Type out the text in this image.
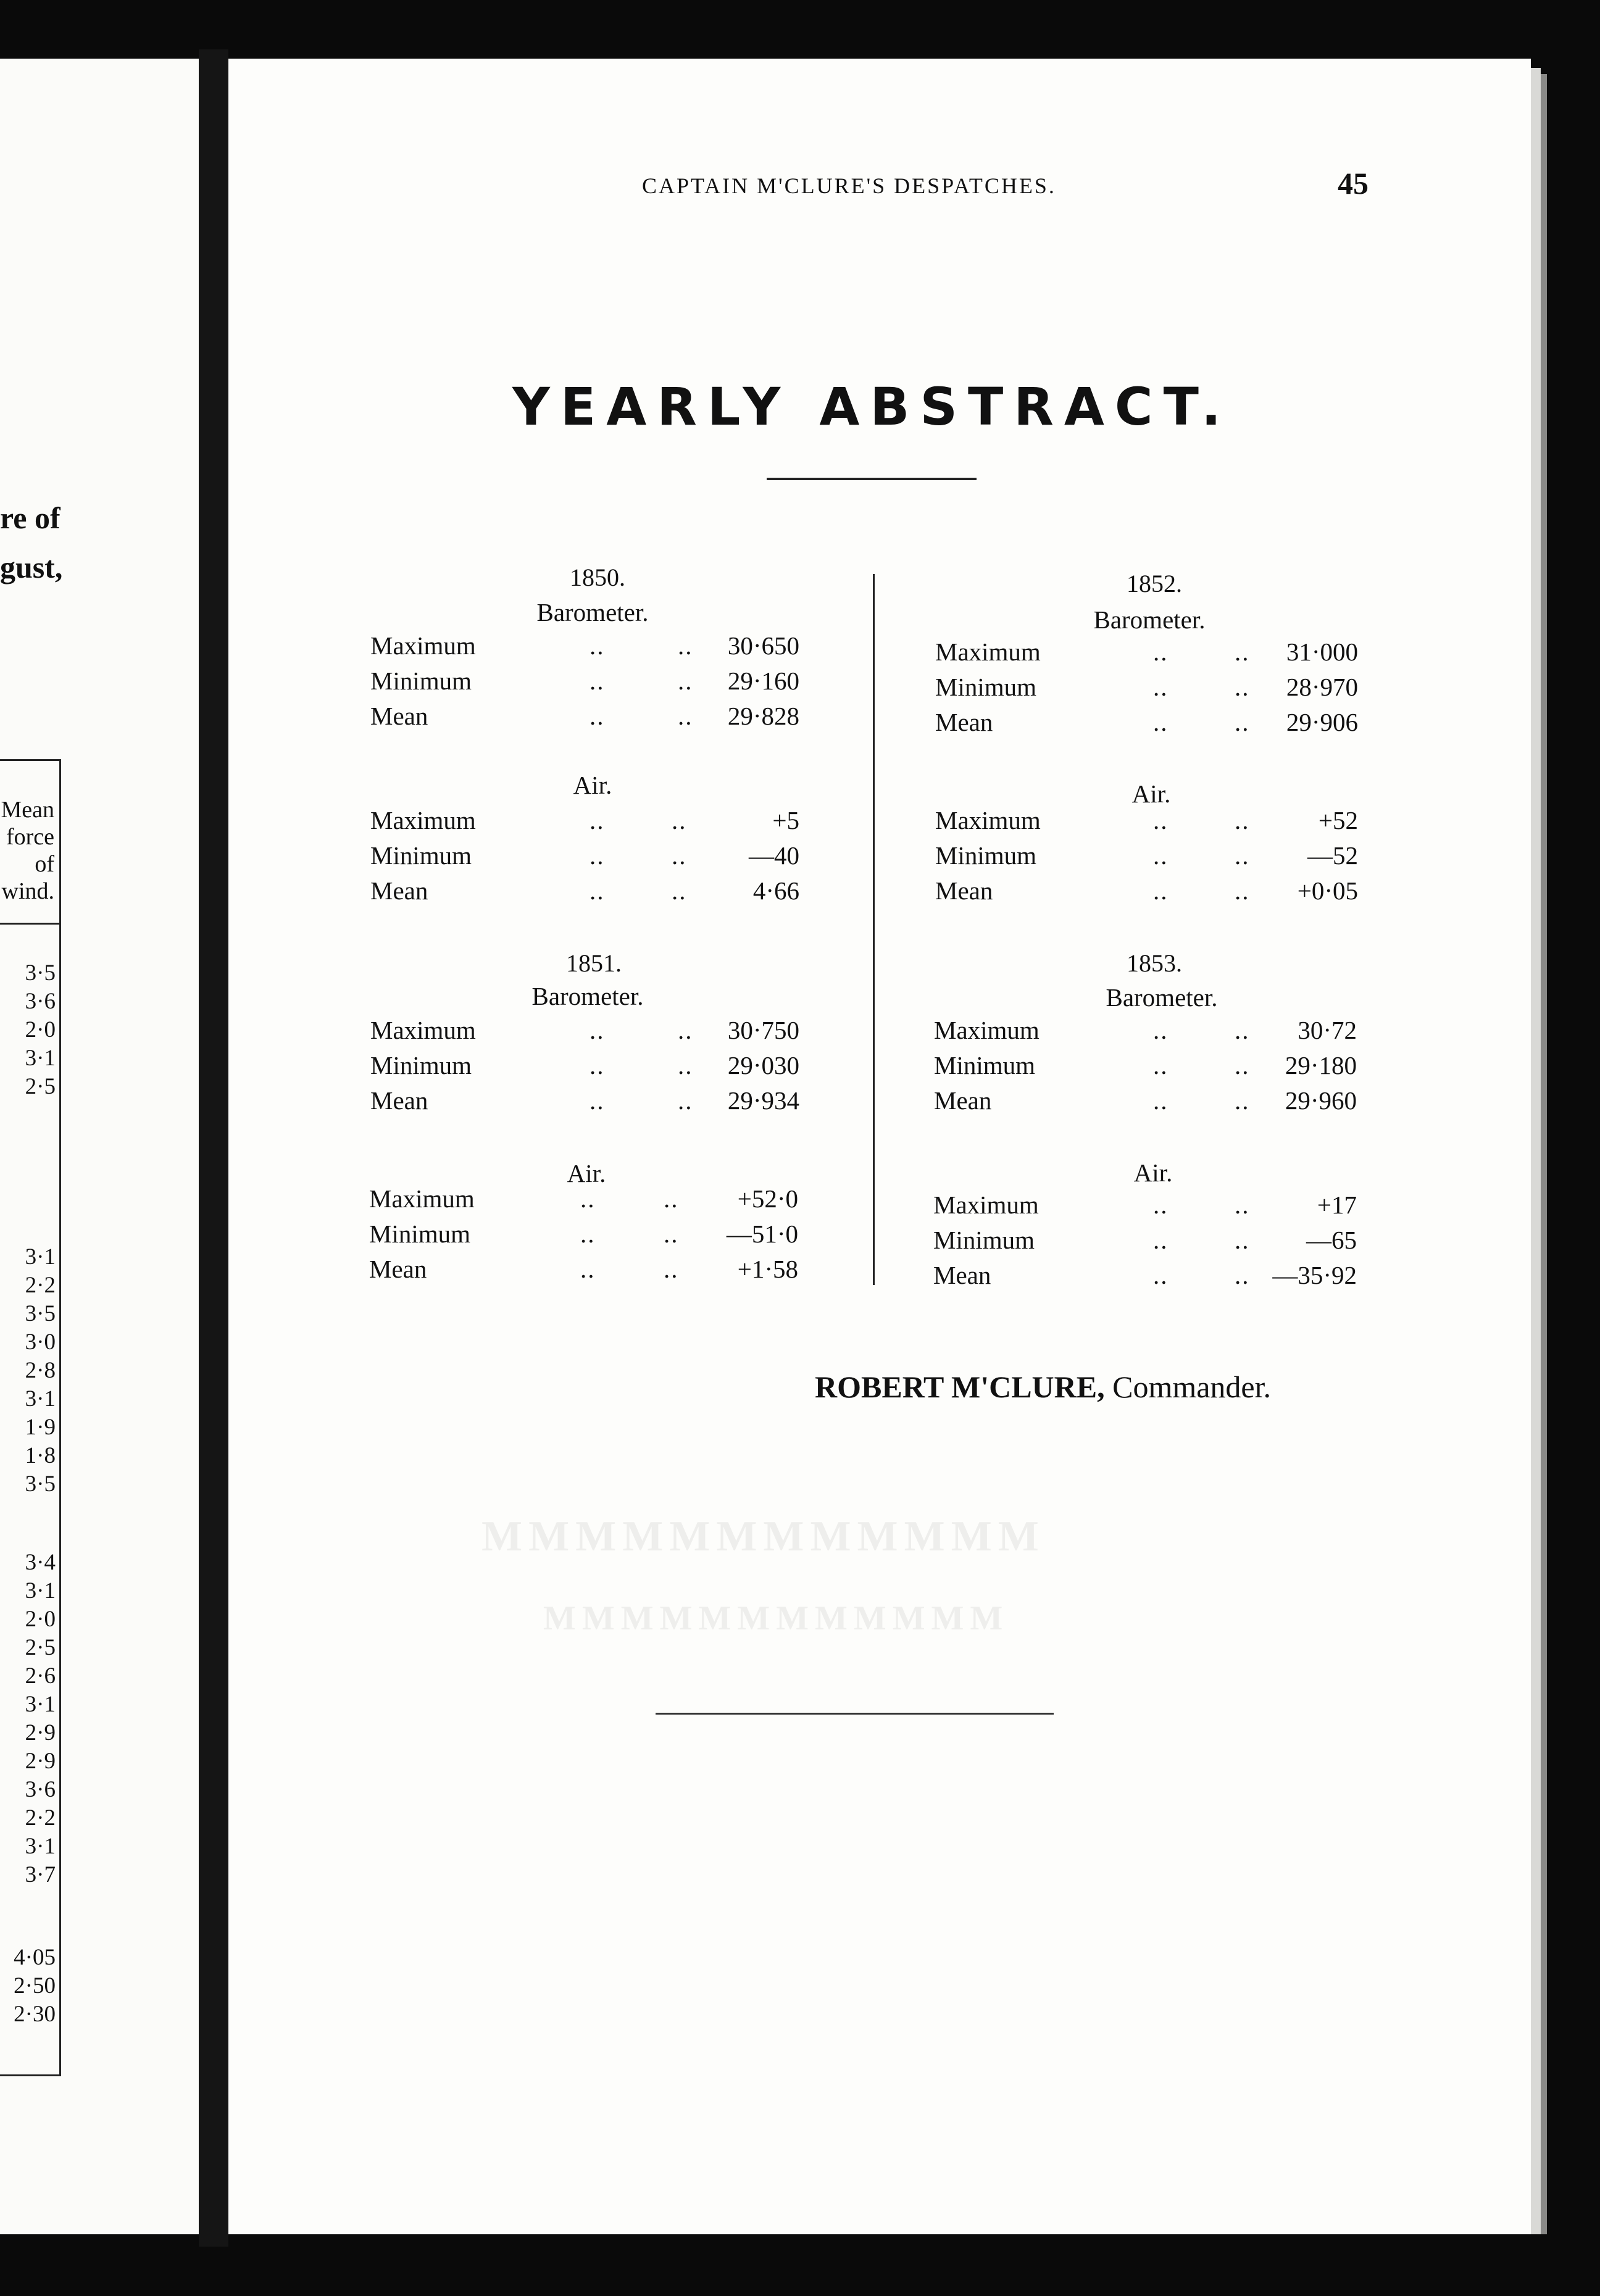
re of
gust,
Mean force of wind.
3·5
3·6
2·0
3·1
2·5
3·1
2·2
3·5
3·0
2·8
3·1
1·9
1·8
3·5
3·4
3·1
2·0
2·5
2·6
3·1
2·9
2·9
3·6
2·2
3·1
3·7
4·05
2·50
2·30
CAPTAIN M'CLURE'S DESPATCHES.	45
YEARLY ABSTRACT.
1850.
Barometer.
Air.
1851.
Barometer.
Air.
1852.
Barometer.
Air.
1853.
Barometer.
Air.
ROBERT M'CLURE, Commander.
MMMMMMMMMMMM
MMMMMMMMMMMM
Maximum	..	..	30·650
Minimum	..	..	29·160
Mean	..	..	29·828
Maximum	..	..	+5
Minimum	..	..	—40
Mean	..	..	4·66
Maximum	..	..	30·750
Minimum	..	..	29·030
Mean	..	..	29·934
Maximum	..	..	+52·0
Minimum	..	..	—51·0
Mean	..	..	+1·58
Maximum	..	..	31·000
Minimum	..	..	28·970
Mean	..	..	29·906
Maximum	..	..	+52
Minimum	..	..	—52
Mean	..	..	+0·05
Maximum	..	..	30·72
Minimum	..	..	29·180
Mean	..	..	29·960
Maximum	..	..	+17
Minimum	..	..	—65
Mean	..	.. —35·92
